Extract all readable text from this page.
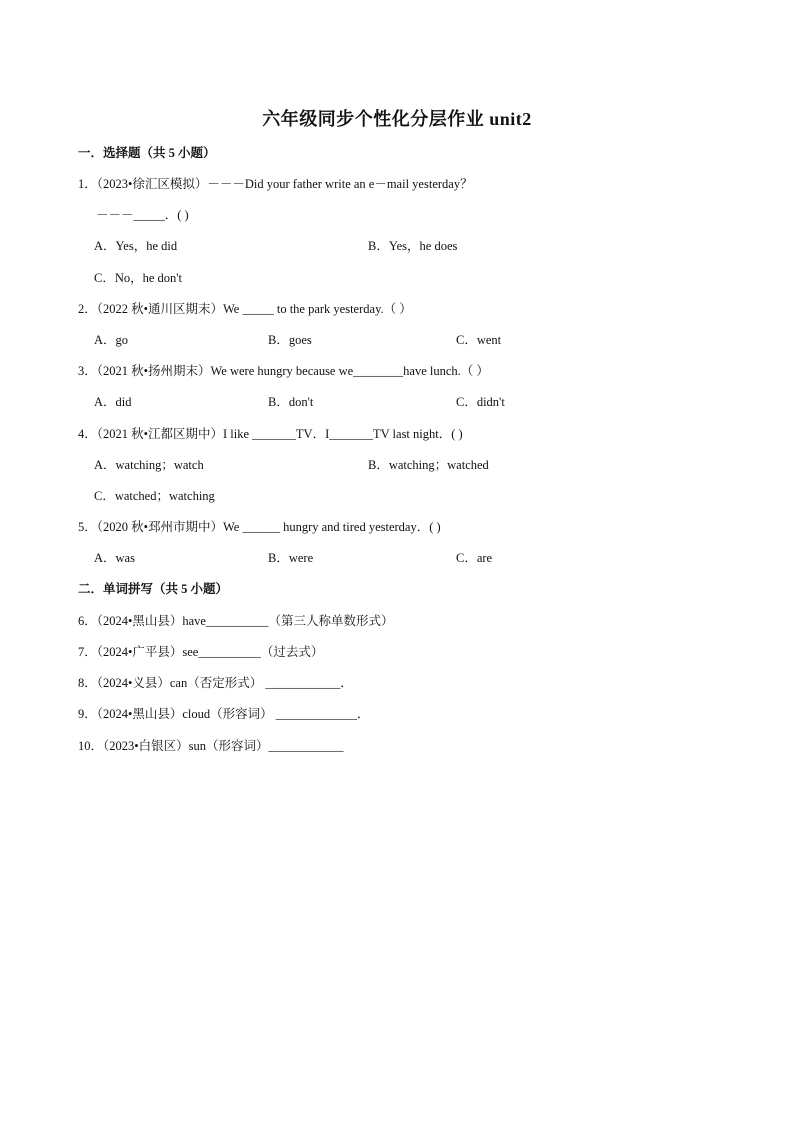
六年级同步个性化分层作业 unit2
一．选择题（共 5 小题）
1．（2023•徐汇区模拟）－－－Did your father write an e－mail yesterday？
－－－_____．( )
A．Yes，he did	B．Yes，he does
C．No，he don't
2．（2022 秋•通川区期末）We _____ to the park yesterday.（ ）
A．go	B．goes	C．went
3．（2021 秋•扬州期末）We were hungry because we________have lunch.（ ）
A．did	B．don't	C．didn't
4．（2021 秋•江都区期中）I like _______TV．I_______TV last night．( )
A．watching；watch	B．watching；watched
C．watched；watching
5．（2020 秋•邳州市期中）We ______ hungry and tired yesterday．( )
A．was	B．were	C．are
二．单词拼写（共 5 小题）
6．（2024•黑山县）have__________（第三人称单数形式）
7．（2024•广平县）see__________（过去式）
8．（2024•义县）can（否定形式） ____________．
9．（2024•黑山县）cloud（形容词） _____________．
10．（2023•白银区）sun（形容词）____________
